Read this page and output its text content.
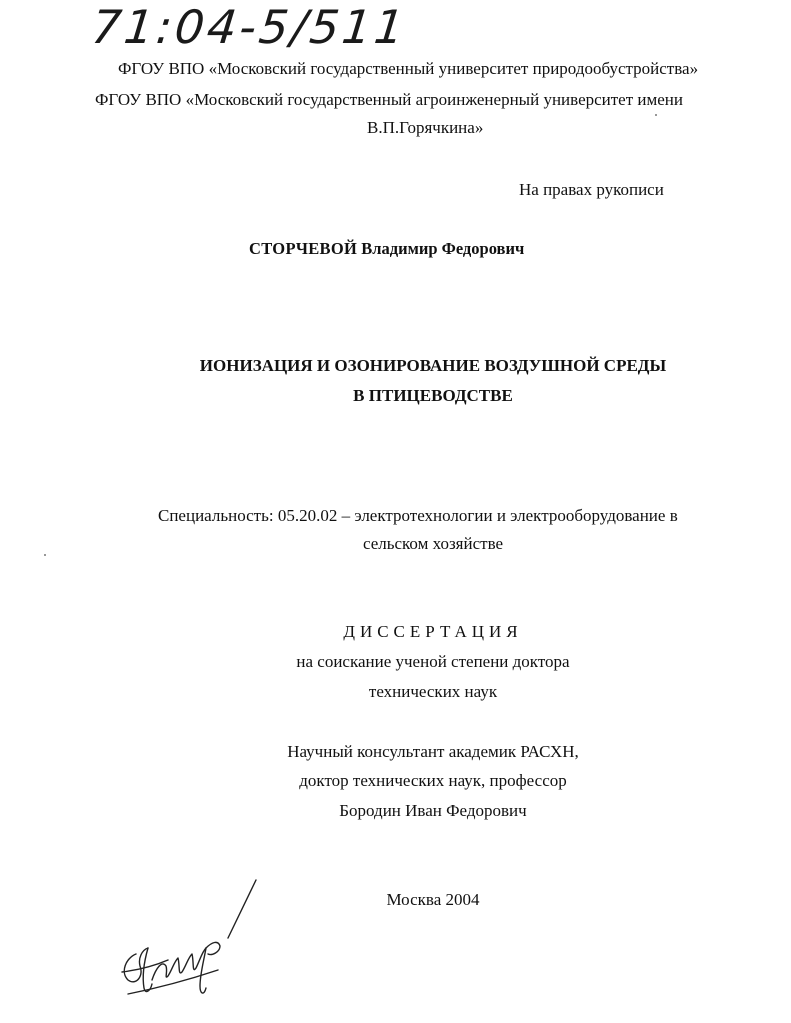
71:04-5/511
ФГОУ ВПО «Московский государственный университет природообустройства»
ФГОУ ВПО «Московский государственный агроинженерный университет имени
В.П.Горячкина»
На правах рукописи
СТОРЧЕВОЙ Владимир Федорович
ИОНИЗАЦИЯ И ОЗОНИРОВАНИЕ ВОЗДУШНОЙ СРЕДЫ
В ПТИЦЕВОДСТВЕ
Специальность: 05.20.02 – электротехнологии и электрооборудование в
сельском хозяйстве
ДИССЕРТАЦИЯ
на соискание ученой степени доктора
технических наук
Научный консультант академик РАСХН,
доктор технических наук, профессор
Бородин Иван Федорович
Москва 2004
